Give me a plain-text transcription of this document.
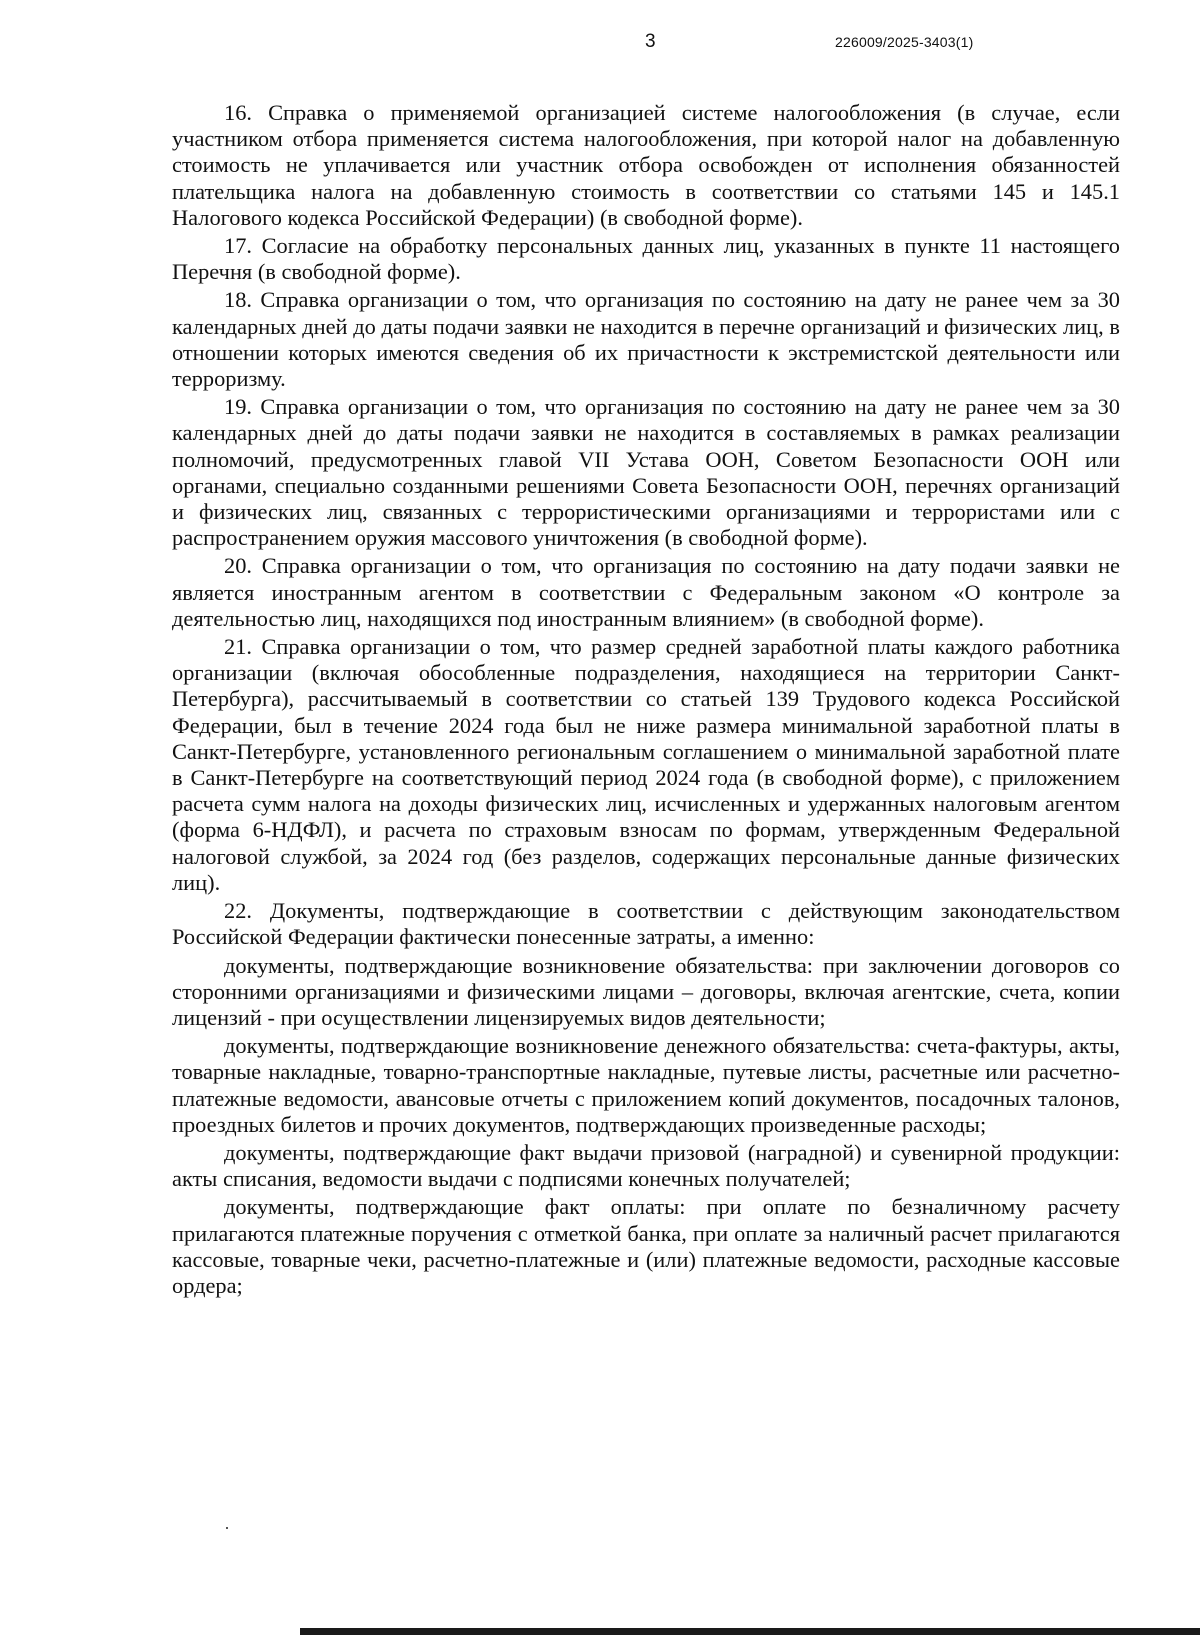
3	226009/2025-3403(1)

16. Справка о применяемой организацией системе налогообложения (в случае, если участником отбора применяется система налогообложения, при которой налог на добавленную стоимость не уплачивается или участник отбора освобожден от исполнения обязанностей плательщика налога на добавленную стоимость в соответствии со статьями 145 и 145.1 Налогового кодекса Российской Федерации) (в свободной форме).

17. Согласие на обработку персональных данных лиц, указанных в пункте 11 настоящего Перечня (в свободной форме).

18. Справка организации о том, что организация по состоянию на дату не ранее чем за 30 календарных дней до даты подачи заявки не находится в перечне организаций и физических лиц, в отношении которых имеются сведения об их причастности к экстремистской деятельности или терроризму.

19. Справка организации о том, что организация по состоянию на дату не ранее чем за 30 календарных дней до даты подачи заявки не находится в составляемых в рамках реализации полномочий, предусмотренных главой VII Устава ООН, Советом Безопасности ООН или органами, специально созданными решениями Совета Безопасности ООН, перечнях организаций и физических лиц, связанных с террористическими организациями и террористами или с распространением оружия массового уничтожения (в свободной форме).

20. Справка организации о том, что организация по состоянию на дату подачи заявки не является иностранным агентом в соответствии с Федеральным законом «О контроле за деятельностью лиц, находящихся под иностранным влиянием» (в свободной форме).

21. Справка организации о том, что размер средней заработной платы каждого работника организации (включая обособленные подразделения, находящиеся на территории Санкт-Петербурга), рассчитываемый в соответствии со статьей 139 Трудового кодекса Российской Федерации, был в течение 2024 года был не ниже размера минимальной заработной платы в Санкт-Петербурге, установленного региональным соглашением о минимальной заработной плате в Санкт-Петербурге на соответствующий период 2024 года (в свободной форме), с приложением расчета сумм налога на доходы физических лиц, исчисленных и удержанных налоговым агентом (форма 6-НДФЛ), и расчета по страховым взносам по формам, утвержденным Федеральной налоговой службой, за 2024 год (без разделов, содержащих персональные данные физических лиц).

22. Документы, подтверждающие в соответствии с действующим законодательством Российской Федерации фактически понесенные затраты, а именно:

документы, подтверждающие возникновение обязательства: при заключении договоров со сторонними организациями и физическими лицами – договоры, включая агентские, счета, копии лицензий - при осуществлении лицензируемых видов деятельности;

документы, подтверждающие возникновение денежного обязательства: счета-фактуры, акты, товарные накладные, товарно-транспортные накладные, путевые листы, расчетные или расчетно-платежные ведомости, авансовые отчеты с приложением копий документов, посадочных талонов, проездных билетов и прочих документов, подтверждающих произведенные расходы;

документы, подтверждающие факт выдачи призовой (наградной) и сувенирной продукции: акты списания, ведомости выдачи с подписями конечных получателей;

документы, подтверждающие факт оплаты: при оплате по безналичному расчету прилагаются платежные поручения с отметкой банка, при оплате за наличный расчет прилагаются кассовые, товарные чеки, расчетно-платежные и (или) платежные ведомости, расходные кассовые ордера;
